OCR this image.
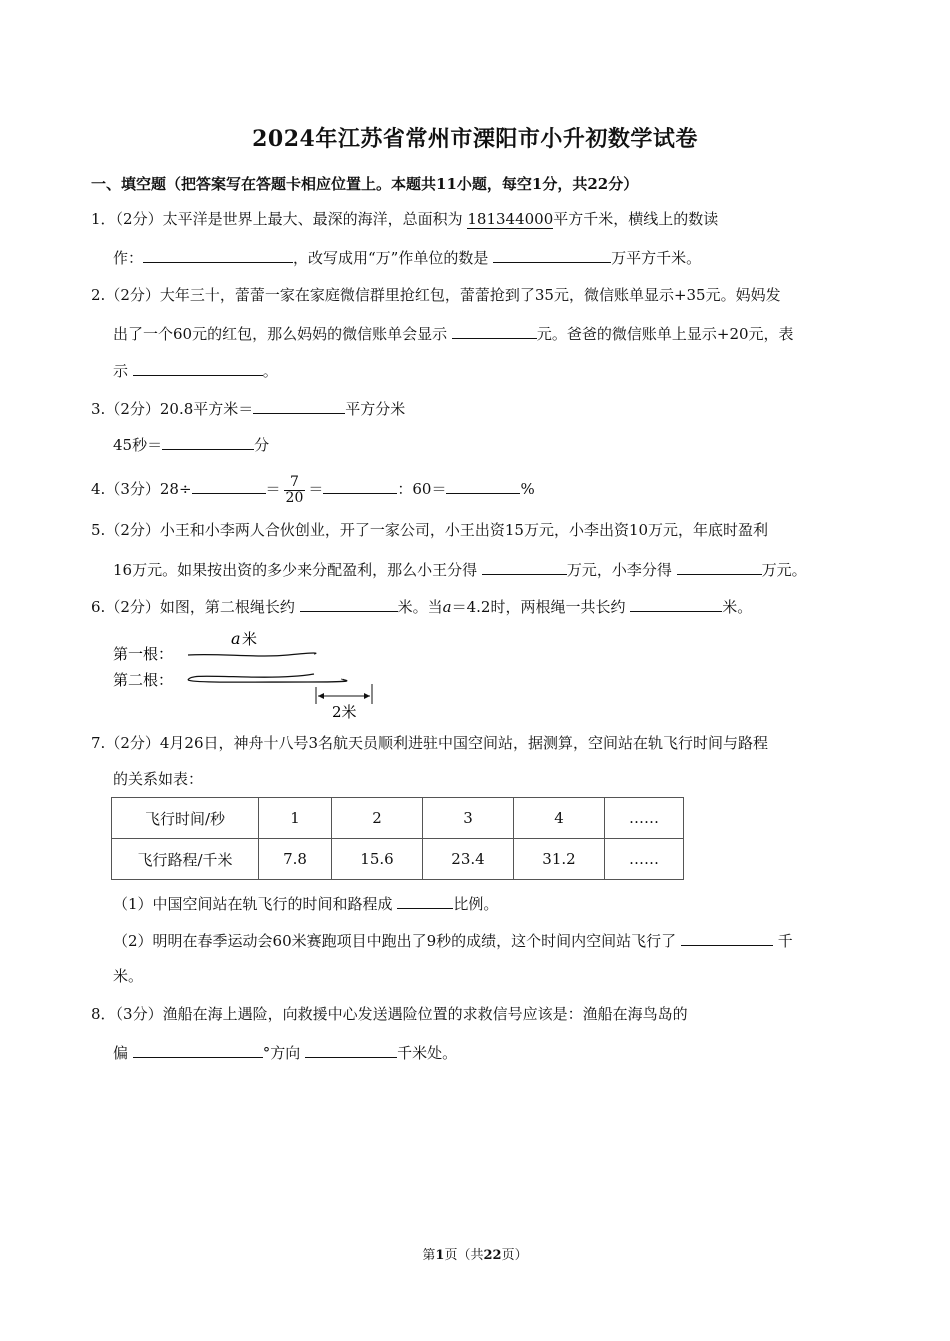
2024年江苏省常州市溧阳市小升初数学试卷
一、填空题（把答案写在答题卡相应位置上。本题共11小题，每空1分，共22分）
1．（2分）太平洋是世界上最大、最深的海洋，总面积为 181344000平方千米，横线上的数读
作：	，改写成用“万”作单位的数是	万平方千米。
2.（2分）大年三十，蕾蕾一家在家庭微信群里抢红包，蕾蕾抢到了35元，微信账单显示+35元。妈妈发
出了一个60元的红包，那么妈妈的微信账单会显示	元。爸爸的微信账单上显示+20元，表
示	。
3.（2分）20.8平方米＝	平方分米
45秒＝	分
4.（3分）28÷	＝ $\frac{7}{20}$ ＝	：60＝	%
5.（2分）小王和小李两人合伙创业，开了一家公司，小王出资15万元，小李出资10万元，年底时盈利
16万元。如果按出资的多少来分配盈利，那么小王分得	万元，小李分得	万元。
6.（2分）如图，第二根绳长约	米。当a＝4.2时，两根绳一共长约	米。
第一根：
第二根：
a 米
2米
7.（2分）4月26日，神舟十八号3名航天员顺利进驻中国空间站，据测算，空间站在轨飞行时间与路程
的关系如表：
飞行时间/秒	1	2	3	4	……
飞行路程/千米	7.8	15.6	23.4	31.2	……
（1）中国空间站在轨飞行的时间和路程成	比例。
（2）明明在春季运动会60米赛跑项目中跑出了9秒的成绩，这个时间内空间站飞行了	千
米。
8．（3分）渔船在海上遇险，向救援中心发送遇险位置的求救信号应该是：渔船在海鸟岛的
偏	°方向	千米处。
第1页（共22页）
